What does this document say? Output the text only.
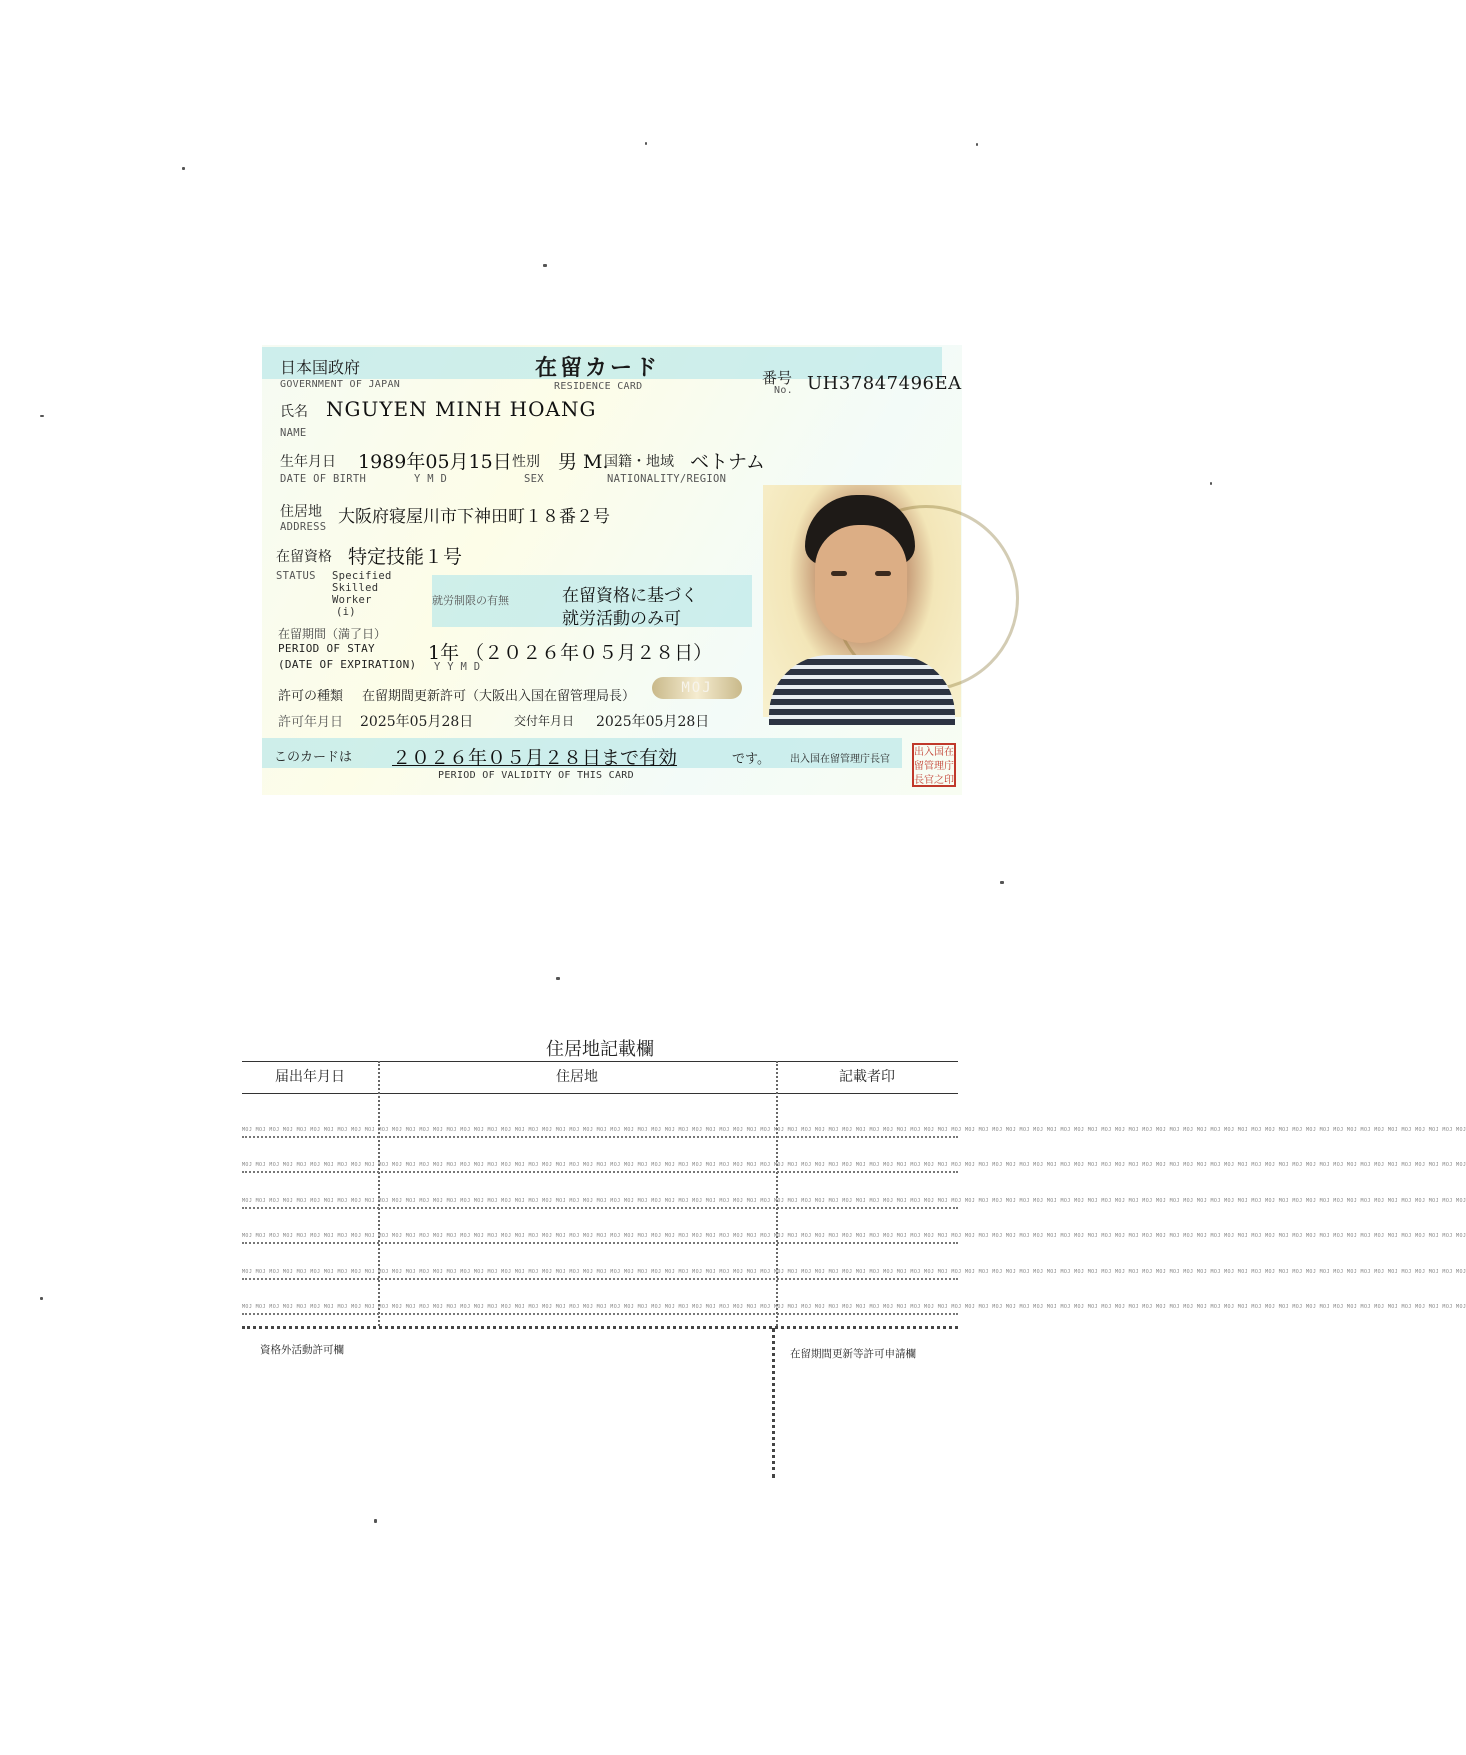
日本国政府
GOVERNMENT OF JAPAN
在留カード
RESIDENCE CARD	番号
No. UH37847496EA
氏名
NAME
NGUYEN MINH HOANG
生年月日
DATE OF BIRTH
1989年05月15日
Y M D
性別
SEX
男 M.
国籍・地域
NATIONALITY/REGION
ベトナム
住居地
ADDRESS 大阪府寝屋川市下神田町１８番２号
在留資格 特定技能１号
STATUS Specified
Skilled
Worker
(i)
就労制限の有無	在留資格に基づく
就労活動のみ可
在留期間（満了日）
PERIOD OF STAY
(DATE OF EXPIRATION)
1年 （２０２６年０５月２８日）
Y Y M D
許可の種類 在留期間更新許可（大阪出入国在留管理局長）
MOJ
許可年月日 2025年05月28日	交付年月日 2025年05月28日
このカードは ２０２６年０５月２８日まで有効	です。
PERIOD OF VALIDITY OF THIS CARD
出入国在留管理庁長官
出入国在留管理庁長官之印
住居地記載欄
届出年月日	住居地	記載者印
MOJ MOJ MOJ MOJ MOJ MOJ MOJ MOJ MOJ MOJ MOJ MOJ MOJ MOJ MOJ MOJ MOJ MOJ MOJ MOJ MOJ MOJ MOJ MOJ MOJ MOJ MOJ MOJ MOJ MOJ MOJ MOJ MOJ MOJ MOJ MOJ MOJ MOJ MOJ MOJ MOJ MOJ MOJ MOJ MOJ MOJ MOJ MOJ MOJ MOJ MOJ MOJ MOJ MOJ MOJ MOJ MOJ MOJ MOJ MOJ MOJ MOJ MOJ MOJ MOJ MOJ MOJ MOJ MOJ MOJ MOJ MOJ MOJ MOJ MOJ MOJ MOJ MOJ MOJ MOJ MOJ MOJ MOJ MOJ MOJ MOJ MOJ MOJ MOJ MOJ
MOJ MOJ MOJ MOJ MOJ MOJ MOJ MOJ MOJ MOJ MOJ MOJ MOJ MOJ MOJ MOJ MOJ MOJ MOJ MOJ MOJ MOJ MOJ MOJ MOJ MOJ MOJ MOJ MOJ MOJ MOJ MOJ MOJ MOJ MOJ MOJ MOJ MOJ MOJ MOJ MOJ MOJ MOJ MOJ MOJ MOJ MOJ MOJ MOJ MOJ MOJ MOJ MOJ MOJ MOJ MOJ MOJ MOJ MOJ MOJ MOJ MOJ MOJ MOJ MOJ MOJ MOJ MOJ MOJ MOJ MOJ MOJ MOJ MOJ MOJ MOJ MOJ MOJ MOJ MOJ MOJ MOJ MOJ MOJ MOJ MOJ MOJ MOJ MOJ MOJ
MOJ MOJ MOJ MOJ MOJ MOJ MOJ MOJ MOJ MOJ MOJ MOJ MOJ MOJ MOJ MOJ MOJ MOJ MOJ MOJ MOJ MOJ MOJ MOJ MOJ MOJ MOJ MOJ MOJ MOJ MOJ MOJ MOJ MOJ MOJ MOJ MOJ MOJ MOJ MOJ MOJ MOJ MOJ MOJ MOJ MOJ MOJ MOJ MOJ MOJ MOJ MOJ MOJ MOJ MOJ MOJ MOJ MOJ MOJ MOJ MOJ MOJ MOJ MOJ MOJ MOJ MOJ MOJ MOJ MOJ MOJ MOJ MOJ MOJ MOJ MOJ MOJ MOJ MOJ MOJ MOJ MOJ MOJ MOJ MOJ MOJ MOJ MOJ MOJ MOJ
MOJ MOJ MOJ MOJ MOJ MOJ MOJ MOJ MOJ MOJ MOJ MOJ MOJ MOJ MOJ MOJ MOJ MOJ MOJ MOJ MOJ MOJ MOJ MOJ MOJ MOJ MOJ MOJ MOJ MOJ MOJ MOJ MOJ MOJ MOJ MOJ MOJ MOJ MOJ MOJ MOJ MOJ MOJ MOJ MOJ MOJ MOJ MOJ MOJ MOJ MOJ MOJ MOJ MOJ MOJ MOJ MOJ MOJ MOJ MOJ MOJ MOJ MOJ MOJ MOJ MOJ MOJ MOJ MOJ MOJ MOJ MOJ MOJ MOJ MOJ MOJ MOJ MOJ MOJ MOJ MOJ MOJ MOJ MOJ MOJ MOJ MOJ MOJ MOJ MOJ
MOJ MOJ MOJ MOJ MOJ MOJ MOJ MOJ MOJ MOJ MOJ MOJ MOJ MOJ MOJ MOJ MOJ MOJ MOJ MOJ MOJ MOJ MOJ MOJ MOJ MOJ MOJ MOJ MOJ MOJ MOJ MOJ MOJ MOJ MOJ MOJ MOJ MOJ MOJ MOJ MOJ MOJ MOJ MOJ MOJ MOJ MOJ MOJ MOJ MOJ MOJ MOJ MOJ MOJ MOJ MOJ MOJ MOJ MOJ MOJ MOJ MOJ MOJ MOJ MOJ MOJ MOJ MOJ MOJ MOJ MOJ MOJ MOJ MOJ MOJ MOJ MOJ MOJ MOJ MOJ MOJ MOJ MOJ MOJ MOJ MOJ MOJ MOJ MOJ MOJ
MOJ MOJ MOJ MOJ MOJ MOJ MOJ MOJ MOJ MOJ MOJ MOJ MOJ MOJ MOJ MOJ MOJ MOJ MOJ MOJ MOJ MOJ MOJ MOJ MOJ MOJ MOJ MOJ MOJ MOJ MOJ MOJ MOJ MOJ MOJ MOJ MOJ MOJ MOJ MOJ MOJ MOJ MOJ MOJ MOJ MOJ MOJ MOJ MOJ MOJ MOJ MOJ MOJ MOJ MOJ MOJ MOJ MOJ MOJ MOJ MOJ MOJ MOJ MOJ MOJ MOJ MOJ MOJ MOJ MOJ MOJ MOJ MOJ MOJ MOJ MOJ MOJ MOJ MOJ MOJ MOJ MOJ MOJ MOJ MOJ MOJ MOJ MOJ MOJ MOJ
資格外活動許可欄	在留期間更新等許可申請欄
